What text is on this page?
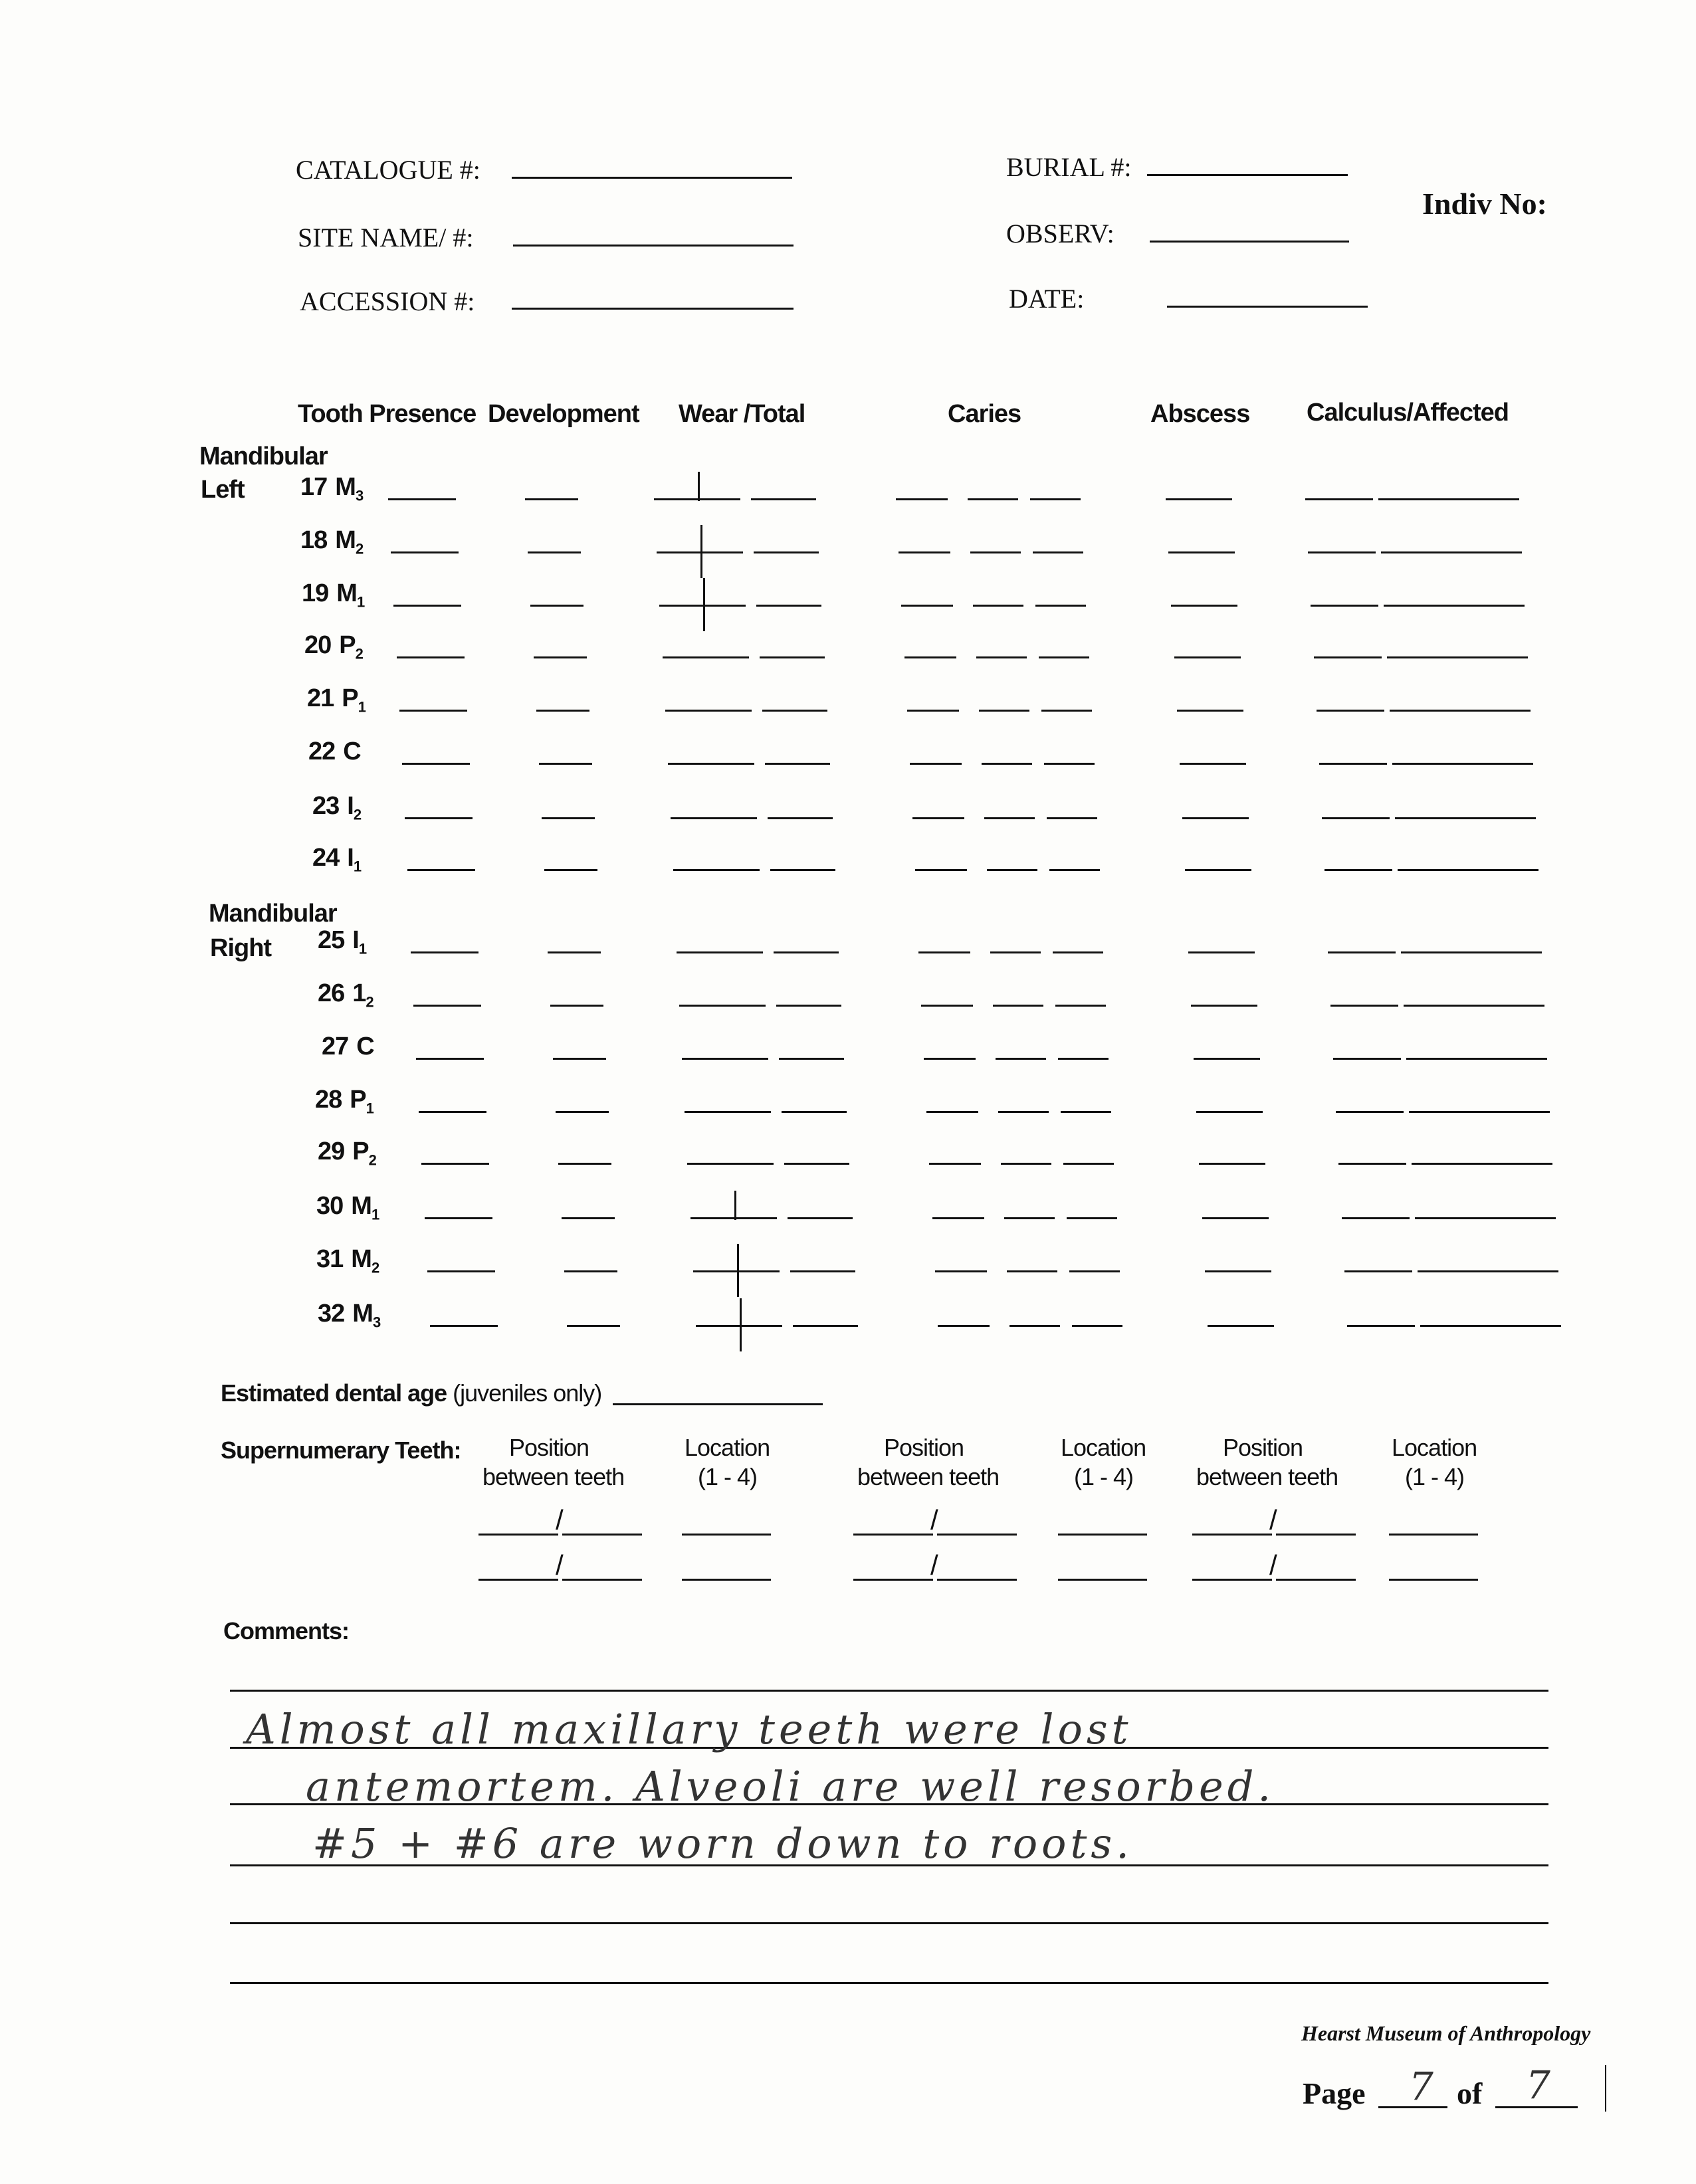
CATALOGUE #:
SITE NAME/ #:
ACCESSION #:
BURIAL #:
OBSERV:
DATE:
Indiv No:
Tooth Presence Development Wear /Total	Caries	Abscess Calculus/Affected
Mandibular
Left
Mandibular
Right
17 $M_3$
18 $M_2$
19 $M_1$
20 $P_2$
21 $P_1$
22 C
23 $I_2$
24 $I_1$
25 $I_1$
26 $1_2$
27 C
28 $P_1$
29 $P_2$
30 $M_1$
31 $M_2$
32 $M_3$
Estimated dental age (juveniles only)
Supernumerary Teeth: Position
between teeth
Location
(1 - 4)
/
/
Position
between teeth
Location
(1 - 4)
/
/
Position
between teeth
Location
(1 - 4)
/
/
Comments:
Almost all maxillary teeth were lost
antemortem. Alveoli are well resorbed.
#5 + #6 are worn down to roots.
Hearst Museum of Anthropology
Page 7 of 7
